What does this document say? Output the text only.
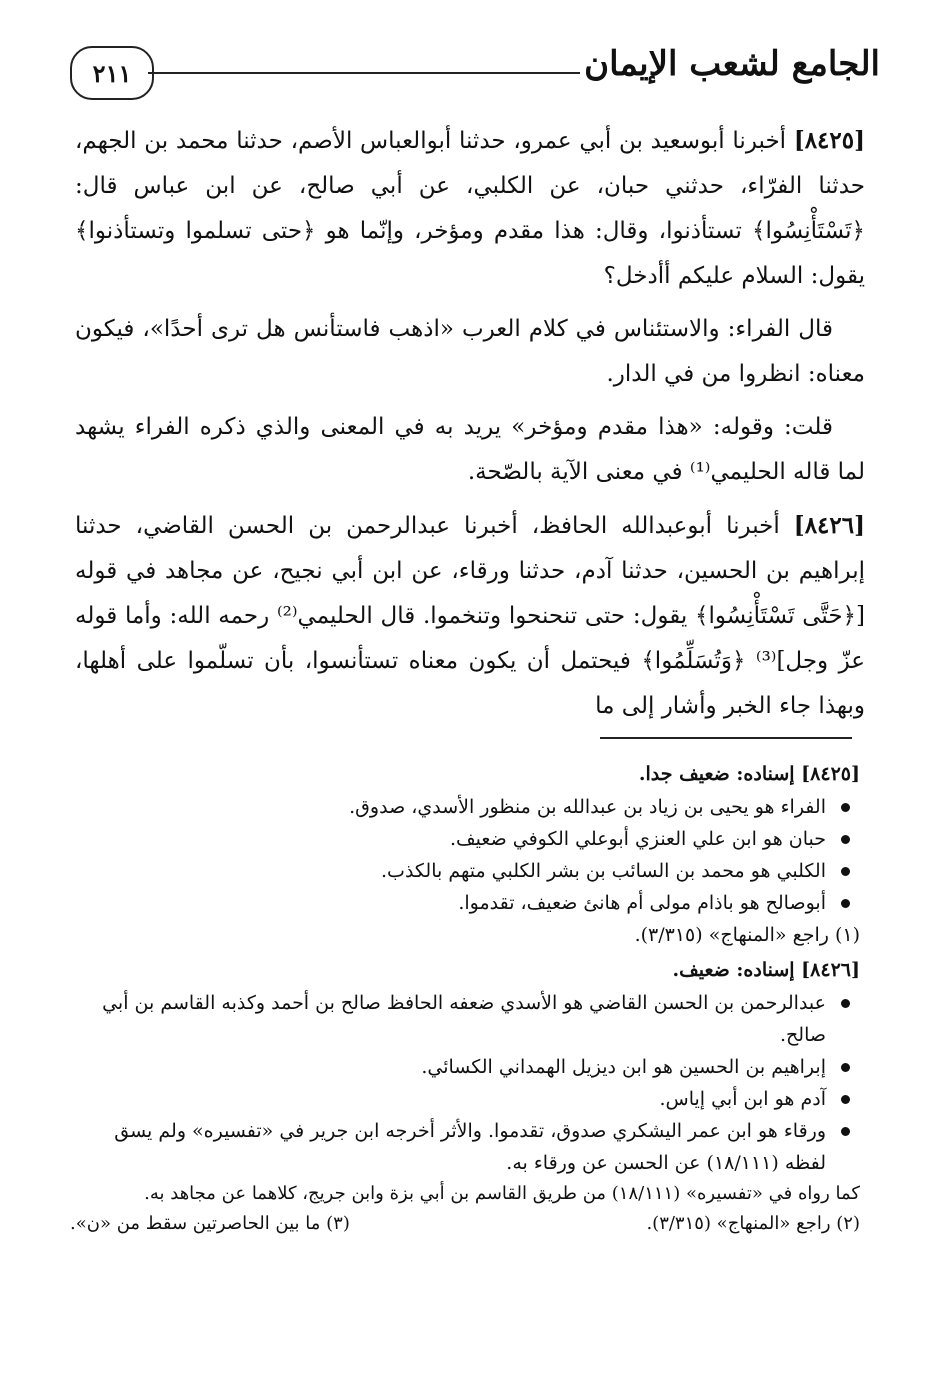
الجامع لشعب الإيمان
٢١١

[٨٤٢٥] أخبرنا أبوسعيد بن أبي عمرو، حدثنا أبوالعباس الأصم، حدثنا محمد بن الجهم، حدثنا الفرّاء، حدثني حبان، عن الكلبي، عن أبي صالح، عن ابن عباس قال: ﴿تَسْتَأْنِسُوا﴾ تستأذنوا، وقال: هذا مقدم ومؤخر، وإنّما هو ﴿حتى تسلموا وتستأذنوا﴾ يقول: السلام عليكم أأدخل؟

قال الفراء: والاستئناس في كلام العرب «اذهب فاستأنس هل ترى أحدًا»، فيكون معناه: انظروا من في الدار.

قلت: وقوله: «هذا مقدم ومؤخر» يريد به في المعنى والذي ذكره الفراء يشهد لما قاله الحليمي⁽¹⁾ في معنى الآية بالصّحة.

[٨٤٢٦] أخبرنا أبوعبدالله الحافظ، أخبرنا عبدالرحمن بن الحسن القاضي، حدثنا إبراهيم بن الحسين، حدثنا آدم، حدثنا ورقاء، عن ابن أبي نجيح، عن مجاهد في قوله [﴿حَتَّى تَسْتَأْنِسُوا﴾ يقول: حتى تنحنحوا وتنخموا. قال الحليمي⁽²⁾ رحمه الله: وأما قوله عزّ وجل]⁽³⁾ ﴿وَتُسَلِّمُوا﴾ فيحتمل أن يكون معناه تستأنسوا، بأن تسلّموا على أهلها، وبهذا جاء الخبر وأشار إلى ما

[٨٤٢٥] إسناده: ضعيف جدا.
الفراء هو يحيى بن زياد بن عبدالله بن منظور الأسدي، صدوق.
حبان هو ابن علي العنزي أبوعلي الكوفي ضعيف.
الكلبي هو محمد بن السائب بن بشر الكلبي متهم بالكذب.
أبوصالح هو باذام مولى أم هانئ ضعيف، تقدموا.
(١) راجع «المنهاج» (٣/٣١٥).
[٨٤٢٦] إسناده: ضعيف.
عبدالرحمن بن الحسن القاضي هو الأسدي ضعفه الحافظ صالح بن أحمد وكذبه القاسم بن أبي صالح.
إبراهيم بن الحسين هو ابن ديزيل الهمداني الكسائي.
آدم هو ابن أبي إياس.
ورقاء هو ابن عمر اليشكري صدوق، تقدموا. والأثر أخرجه ابن جرير في «تفسيره» ولم يسق لفظه (١٨/١١١) عن الحسن عن ورقاء به.
كما رواه في «تفسيره» (١٨/١١١) من طريق القاسم بن أبي بزة وابن جريج، كلاهما عن مجاهد به.
(٢) راجع «المنهاج» (٣/٣١٥).
(٣) ما بين الحاصرتين سقط من «ن».
